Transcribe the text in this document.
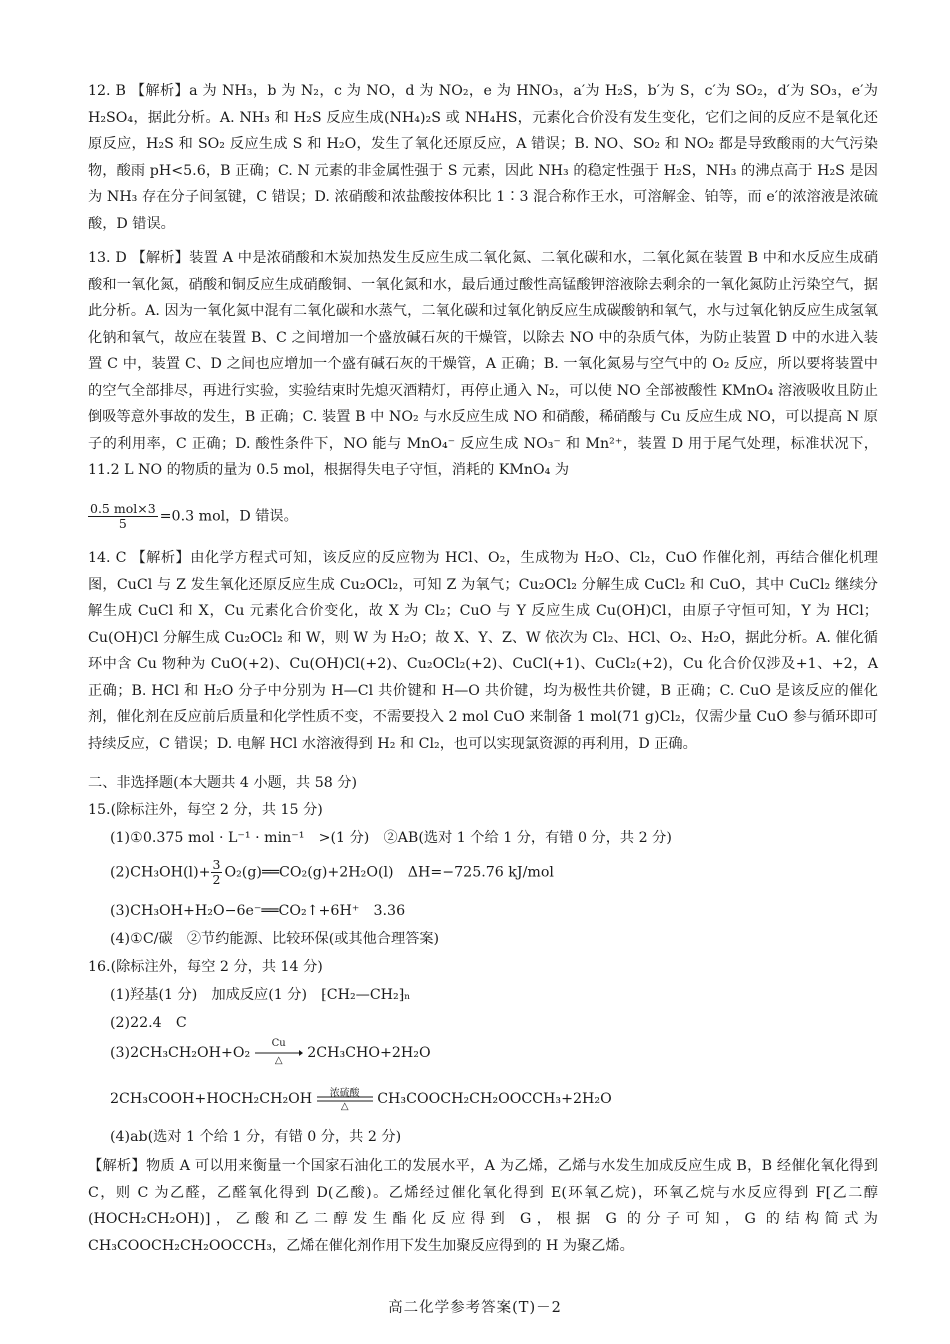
12. B 【解析】a 为 NH₃，b 为 N₂，c 为 NO，d 为 NO₂，e 为 HNO₃，a′为 H₂S，b′为 S，c′为 SO₂，d′为 SO₃，e′为 H₂SO₄，据此分析。A. NH₃ 和 H₂S 反应生成(NH₄)₂S 或 NH₄HS，元素化合价没有发生变化，它们之间的反应不是氧化还原反应，H₂S 和 SO₂ 反应生成 S 和 H₂O，发生了氧化还原反应，A 错误；B. NO、SO₂ 和 NO₂ 都是导致酸雨的大气污染物，酸雨 pH<5.6，B 正确；C. N 元素的非金属性强于 S 元素，因此 NH₃ 的稳定性强于 H₂S，NH₃ 的沸点高于 H₂S 是因为 NH₃ 存在分子间氢键，C 错误；D. 浓硝酸和浓盐酸按体积比 1∶3 混合称作王水，可溶解金、铂等，而 e′的浓溶液是浓硫酸，D 错误。

13. D 【解析】装置 A 中是浓硝酸和木炭加热发生反应生成二氧化氮、二氧化碳和水，二氧化氮在装置 B 中和水反应生成硝酸和一氧化氮，硝酸和铜反应生成硝酸铜、一氧化氮和水，最后通过酸性高锰酸钾溶液除去剩余的一氧化氮防止污染空气，据此分析。A. 因为一氧化氮中混有二氧化碳和水蒸气，二氧化碳和过氧化钠反应生成碳酸钠和氧气，水与过氧化钠反应生成氢氧化钠和氧气，故应在装置 B、C 之间增加一个盛放碱石灰的干燥管，以除去 NO 中的杂质气体，为防止装置 D 中的水进入装置 C 中，装置 C、D 之间也应增加一个盛有碱石灰的干燥管，A 正确；B. 一氧化氮易与空气中的 O₂ 反应，所以要将装置中的空气全部排尽，再进行实验，实验结束时先熄灭酒精灯，再停止通入 N₂，可以使 NO 全部被酸性 KMnO₄ 溶液吸收且防止倒吸等意外事故的发生，B 正确；C. 装置 B 中 NO₂ 与水反应生成 NO 和硝酸，稀硝酸与 Cu 反应生成 NO，可以提高 N 原子的利用率，C 正确；D. 酸性条件下，NO 能与 MnO₄⁻ 反应生成 NO₃⁻ 和 Mn²⁺，装置 D 用于尾气处理，标准状况下，11.2 L NO 的物质的量为 0.5 mol，根据得失电子守恒，消耗的 KMnO₄ 为

$\frac{\text{0.5 mol×3}}{5} =0.3$ mol，D 错误。

14. C 【解析】由化学方程式可知，该反应的反应物为 HCl、O₂，生成物为 H₂O、Cl₂，CuO 作催化剂，再结合催化机理图，CuCl 与 Z 发生氧化还原反应生成 Cu₂OCl₂，可知 Z 为氧气；Cu₂OCl₂ 分解生成 CuCl₂ 和 CuO，其中 CuCl₂ 继续分解生成 CuCl 和 X，Cu 元素化合价变化，故 X 为 Cl₂；CuO 与 Y 反应生成 Cu(OH)Cl，由原子守恒可知，Y 为 HCl；Cu(OH)Cl 分解生成 Cu₂OCl₂ 和 W，则 W 为 H₂O；故 X、Y、Z、W 依次为 Cl₂、HCl、O₂、H₂O，据此分析。A. 催化循环中含 Cu 物种为 CuO(+2)、Cu(OH)Cl(+2)、Cu₂OCl₂(+2)、CuCl(+1)、CuCl₂(+2)，Cu 化合价仅涉及+1、+2，A 正确；B. HCl 和 H₂O 分子中分别为 H—Cl 共价键和 H—O 共价键，均为极性共价键，B 正确；C. CuO 是该反应的催化剂，催化剂在反应前后质量和化学性质不变，不需要投入 2 mol CuO 来制备 1 mol(71 g)Cl₂，仅需少量 CuO 参与循环即可持续反应，C 错误；D. 电解 HCl 水溶液得到 H₂ 和 Cl₂，也可以实现氯资源的再利用，D 正确。

二、非选择题(本大题共 4 小题，共 58 分)

15.(除标注外，每空 2 分，共 15 分)

(1)①0.375 mol · L⁻¹ · min⁻¹　>(1 分)　②AB(选对 1 个给 1 分，有错 0 分，共 2 分)

$(2)CH_3OH(l)+ \frac{3}{2}$ O₂(g)══CO₂(g)+2H₂O(l)　ΔH=−725.76 kJ/mol

(3)CH₃OH+H₂O−6e⁻══CO₂↑+6H⁺　3.36

(4)①C/碳　②节约能源、比较环保(或其他合理答案)

16.(除标注外，每空 2 分，共 14 分)

(1)羟基(1 分)　加成反应(1 分)　⁅CH₂—CH₂⁆ₙ

(2)22.4　C

(3)2CH₃CH₂OH+O₂
Cu
△	2CH₃CHO+2H₂O
2CH₃COOH+HOCH₂CH₂OH	浓硫酸
△	CH₃COOCH₂CH₂OOCCH₃+2H₂O

(4)ab(选对 1 个给 1 分，有错 0 分，共 2 分)

【解析】物质 A 可以用来衡量一个国家石油化工的发展水平，A 为乙烯，乙烯与水发生加成反应生成 B，B 经催化氧化得到 C，则 C 为乙醛，乙醛氧化得到 D(乙酸)。乙烯经过催化氧化得到 E(环氧乙烷)，环氧乙烷与水反应得到 F[乙二醇(HOCH₂CH₂OH)]，乙酸和乙二醇发生酯化反应得到 G，根据 G 的分子可知，G 的结构简式为 CH₃COOCH₂CH₂OOCCH₃，乙烯在催化剂作用下发生加聚反应得到的 H 为聚乙烯。

高二化学参考答案(T)－2
